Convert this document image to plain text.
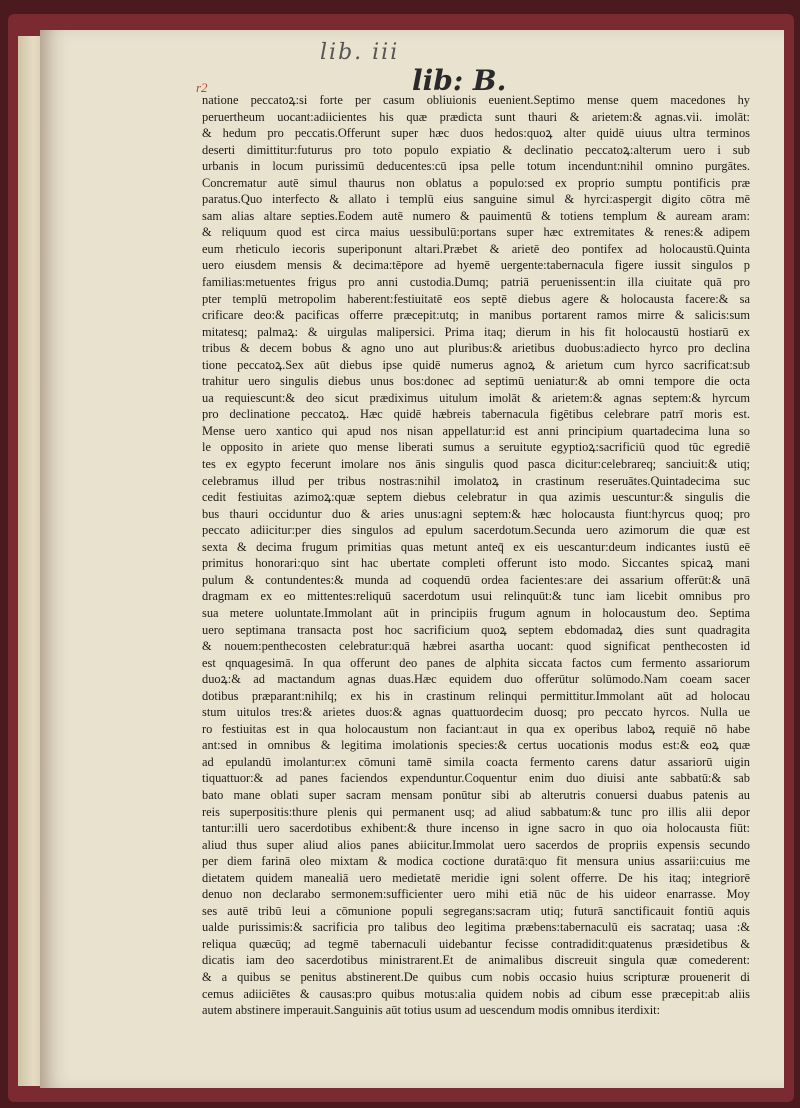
lib. iii
lib: B.
r2
natione peccatoꝝ:si forte per casum obliuionis euenient.Septimo mense quem macedones hy
peruertheum uocant:adiicientes his quæ prædicta sunt thauri & arietem:& agnas.vii. imolāt:
& hedum pro peccatis.Offerunt super hæc duos hedos:quoꝝ alter quidē uiuus ultra terminos
deserti dimittitur:futurus pro toto populo expiatio & declinatio peccatoꝝ:alterum uero i sub
urbanis in locum purissimū deducentes:cū ipsa pelle totum incendunt:nihil omnino purgātes.
Concrematur autē simul thaurus non oblatus a populo:sed ex proprio sumptu pontificis præ
paratus.Quo interfecto & allato i templū eius sanguine simul & hyrci:aspergit digito cōtra mē
sam alias altare septies.Eodem autē numero & pauimentū & totiens templum & auream aram:
& reliquum quod est circa maius uessibulū:portans super hæc extremitates & renes:& adipem
eum rheticulo iecoris superiponunt altari.Præbet & arietē deo pontifex ad holocaustū.Quinta
uero eiusdem mensis & decima:tēpore ad hyemē uergente:tabernacula figere iussit singulos p
familias:metuentes frigus pro anni custodia.Dumq; patriā peruenissent:in illa ciuitate quā pro
pter templū metropolim haberent:festiuitatē eos septē diebus agere & holocausta facere:& sa
crificare deo:& pacificas offerre præcepit:utq; in manibus portarent ramos mirre & salicis:sum
mitatesq; palmaꝝ: & uirgulas malipersici. Prima itaq; dierum in his fit holocaustū hostiarū ex
tribus & decem bobus & agno uno aut pluribus:& arietibus duobus:adiecto hyrco pro declina
tione peccatoꝝ.Sex aūt diebus ipse quidē numerus agnoꝝ & arietum cum hyrco sacrificat:sub
trahitur uero singulis diebus unus bos:donec ad septimū ueniatur:& ab omni tempore die octa
ua requiescunt:& deo sicut prædiximus uitulum imolāt & arietem:& agnas septem:& hyrcum
pro declinatione peccatoꝝ. Hæc quidē hæbreis tabernacula figētibus celebrare patrī moris est.
Mense uero xantico qui apud nos nisan appellatur:id est anni principium quartadecima luna so
le opposito in ariete quo mense liberati sumus a seruitute egyptioꝝ:sacrificiū quod tūc egrediē
tes ex egypto fecerunt imolare nos ānis singulis quod pasca dicitur:celebrareq; sanciuit:& utiq;
celebramus illud per tribus nostras:nihil imolatoꝝ in crastinum reseruātes.Quintadecima suc
cedit festiuitas azimoꝝ:quæ septem diebus celebratur in qua azimis uescuntur:& singulis die
bus thauri occiduntur duo & aries unus:agni septem:& hæc holocausta fiunt:hyrcus quoq; pro
peccato adiicitur:per dies singulos ad epulum sacerdotum.Secunda uero azimorum die quæ est
sexta & decima frugum primitias quas metunt anteq̄ ex eis uescantur:deum indicantes iustū eē
primitus honorari:quo sint hac ubertate completi offerunt isto modo. Siccantes spicaꝝ mani
pulum & contundentes:& munda ad coquendū ordea facientes:are dei assarium offerūt:& unā
dragmam ex eo mittentes:reliquū sacerdotum usui relinquūt:& tunc iam licebit omnibus pro
sua metere uoluntate.Immolant aūt in principiis frugum agnum in holocaustum deo. Septima
uero septimana transacta post hoc sacrificium quoꝝ septem ebdomadaꝝ dies sunt quadragita
& nouem:penthecosten celebratur:quā hæbrei asartha uocant: quod significat penthecosten id
est qnquagesimā. In qua offerunt deo panes de alphita siccata factos cum fermento assariorum
duoꝝ:& ad mactandum agnas duas.Hæc equidem duo offerūtur solūmodo.Nam coeam sacer
dotibus præparant:nihilq; ex his in crastinum relinqui permittitur.Immolant aūt ad holocau
stum uitulos tres:& arietes duos:& agnas quattuordecim duosq; pro peccato hyrcos. Nulla ue
ro festiuitas est in qua holocaustum non faciant:aut in qua ex operibus laboꝝ requiē nō habe
ant:sed in omnibus & legitima imolationis species:& certus uocationis modus est:& eoꝝ quæ
ad epulandū imolantur:ex cōmuni tamē simila coacta fermento carens datur assariorū uigin
tiquattuor:& ad panes faciendos expenduntur.Coquentur enim duo diuisi ante sabbatū:& sab
bato mane oblati super sacram mensam ponūtur sibi ab alterutris conuersi duabus patenis au
reis superpositis:thure plenis qui permanent usq; ad aliud sabbatum:& tunc pro illis alii depor
tantur:illi uero sacerdotibus exhibent:& thure incenso in igne sacro in quo oia holocausta fiūt:
aliud thus super aliud alios panes abiicitur.Immolat uero sacerdos de propriis expensis secundo
per diem farinā oleo mixtam & modica coctione duratā:quo fit mensura unius assarii:cuius me
dietatem quidem manealiā uero medietatē meridie igni solent offerre. De his itaq; integriorē
denuo non declarabo sermonem:sufficienter uero mihi etiā nūc de his uideor enarrasse. Moy
ses autē tribū leui a cōmunione populi segregans:sacram utiq; futurā sanctificauit fontiū aquis
ualde purissimis:& sacrificia pro talibus deo legitima præbens:tabernaculū eis sacrataq; uasa :&
reliqua quæcūq; ad tegmē tabernaculi uidebantur fecisse contradidit:quatenus præsidetibus &
dicatis iam deo sacerdotibus ministrarent.Et de animalibus discreuit singula quæ comederent:
& a quibus se penitus abstinerent.De quibus cum nobis occasio huius scripturæ prouenerit di
cemus adiiciētes & causas:pro quibus motus:alia quidem nobis ad cibum esse præcepit:ab aliis
autem abstinere imperauit.Sanguinis aūt totius usum ad uescendum modis omnibus iterdixit:
